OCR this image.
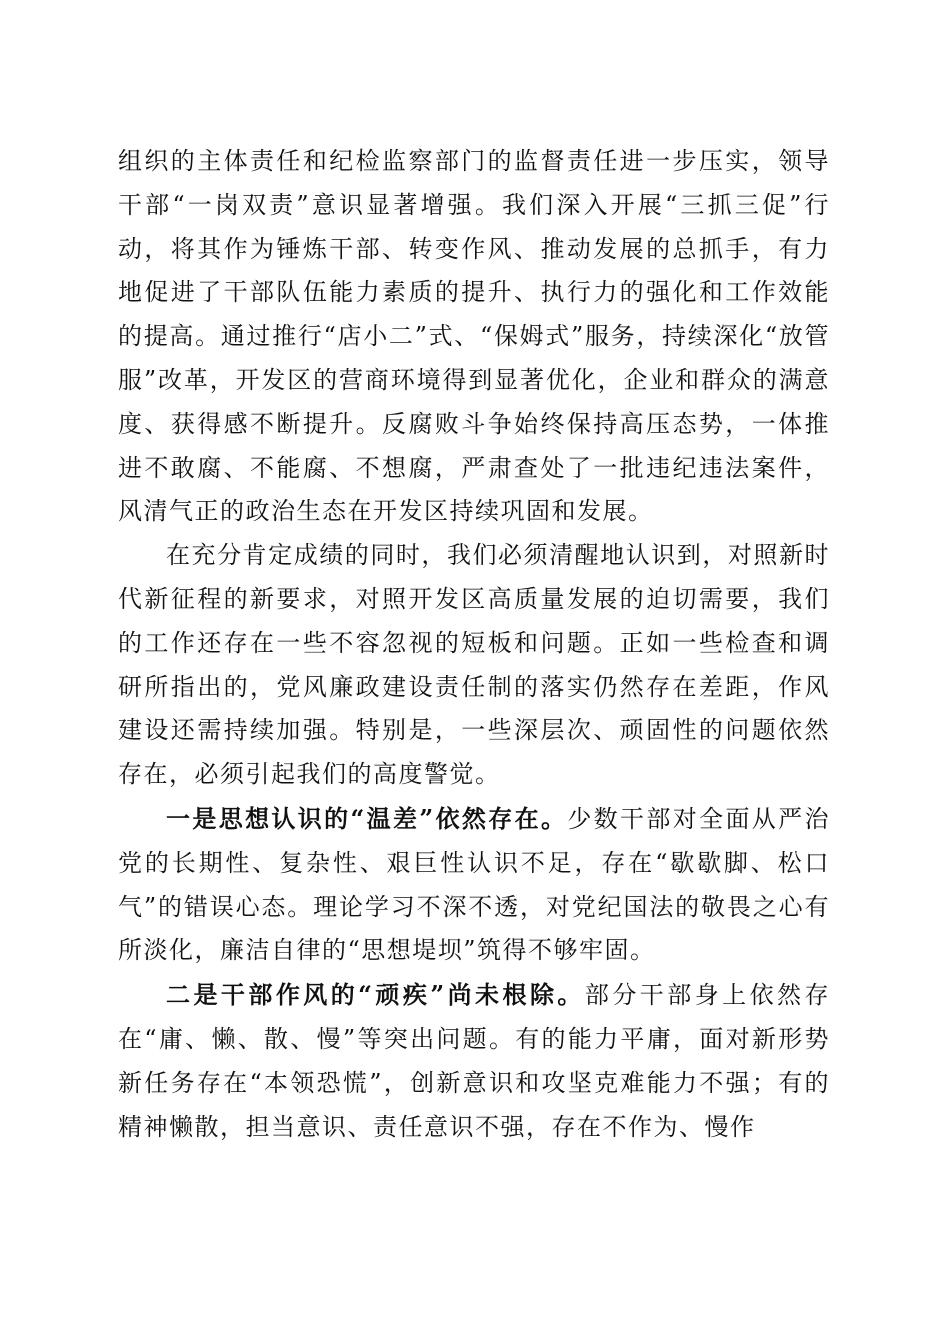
组织的主体责任和纪检监察部门的监督责任进一步压实，领导干部“一岗双责”意识显著增强。我们深入开展“三抓三促”行动，将其作为锤炼干部、转变作风、推动发展的总抓手，有力地促进了干部队伍能力素质的提升、执行力的强化和工作效能的提高。通过推行“店小二”式、“保姆式”服务，持续深化“放管服”改革，开发区的营商环境得到显著优化，企业和群众的满意度、获得感不断提升。反腐败斗争始终保持高压态势，一体推进不敢腐、不能腐、不想腐，严肃查处了一批违纪违法案件，风清气正的政治生态在开发区持续巩固和发展。

在充分肯定成绩的同时，我们必须清醒地认识到，对照新时代新征程的新要求，对照开发区高质量发展的迫切需要，我们的工作还存在一些不容忽视的短板和问题。正如一些检查和调研所指出的，党风廉政建设责任制的落实仍然存在差距，作风建设还需持续加强。特别是，一些深层次、顽固性的问题依然存在，必须引起我们的高度警觉。

一是思想认识的“温差”依然存在。少数干部对全面从严治党的长期性、复杂性、艰巨性认识不足，存在“歇歇脚、松口气”的错误心态。理论学习不深不透，对党纪国法的敬畏之心有所淡化，廉洁自律的“思想堤坝”筑得不够牢固。

二是干部作风的“顽疾”尚未根除。部分干部身上依然存在“庸、懒、散、慢”等突出问题。有的能力平庸，面对新形势新任务存在“本领恐慌”，创新意识和攻坚克难能力不强；有的精神懒散，担当意识、责任意识不强，存在不作为、慢作
